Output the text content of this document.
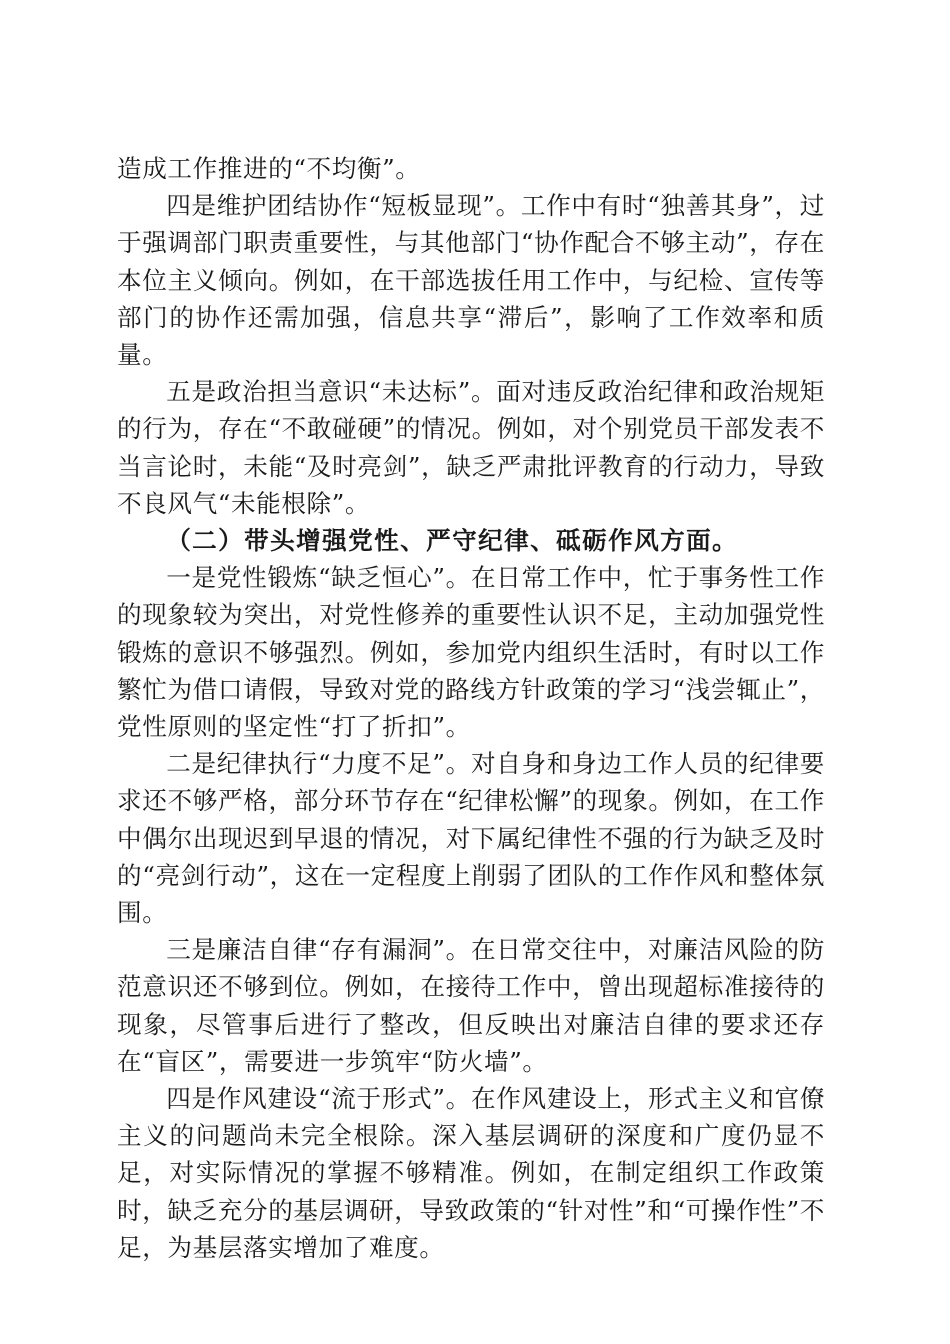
造成工作推进的“不均衡”。

四是维护团结协作“短板显现”。工作中有时“独善其身”，过于强调部门职责重要性，与其他部门“协作配合不够主动”，存在本位主义倾向。例如，在干部选拔任用工作中，与纪检、宣传等部门的协作还需加强，信息共享“滞后”，影响了工作效率和质量。

五是政治担当意识“未达标”。面对违反政治纪律和政治规矩的行为，存在“不敢碰硬”的情况。例如，对个别党员干部发表不当言论时，未能“及时亮剑”，缺乏严肃批评教育的行动力，导致不良风气“未能根除”。

（二）带头增强党性、严守纪律、砥砺作风方面。

一是党性锻炼“缺乏恒心”。在日常工作中，忙于事务性工作的现象较为突出，对党性修养的重要性认识不足，主动加强党性锻炼的意识不够强烈。例如，参加党内组织生活时，有时以工作繁忙为借口请假，导致对党的路线方针政策的学习“浅尝辄止”，党性原则的坚定性“打了折扣”。

二是纪律执行“力度不足”。对自身和身边工作人员的纪律要求还不够严格，部分环节存在“纪律松懈”的现象。例如，在工作中偶尔出现迟到早退的情况，对下属纪律性不强的行为缺乏及时的“亮剑行动”，这在一定程度上削弱了团队的工作作风和整体氛围。

三是廉洁自律“存有漏洞”。在日常交往中，对廉洁风险的防范意识还不够到位。例如，在接待工作中，曾出现超标准接待的现象，尽管事后进行了整改，但反映出对廉洁自律的要求还存在“盲区”，需要进一步筑牢“防火墙”。

四是作风建设“流于形式”。在作风建设上，形式主义和官僚主义的问题尚未完全根除。深入基层调研的深度和广度仍显不足，对实际情况的掌握不够精准。例如，在制定组织工作政策时，缺乏充分的基层调研，导致政策的“针对性”和“可操作性”不足，为基层落实增加了难度。
